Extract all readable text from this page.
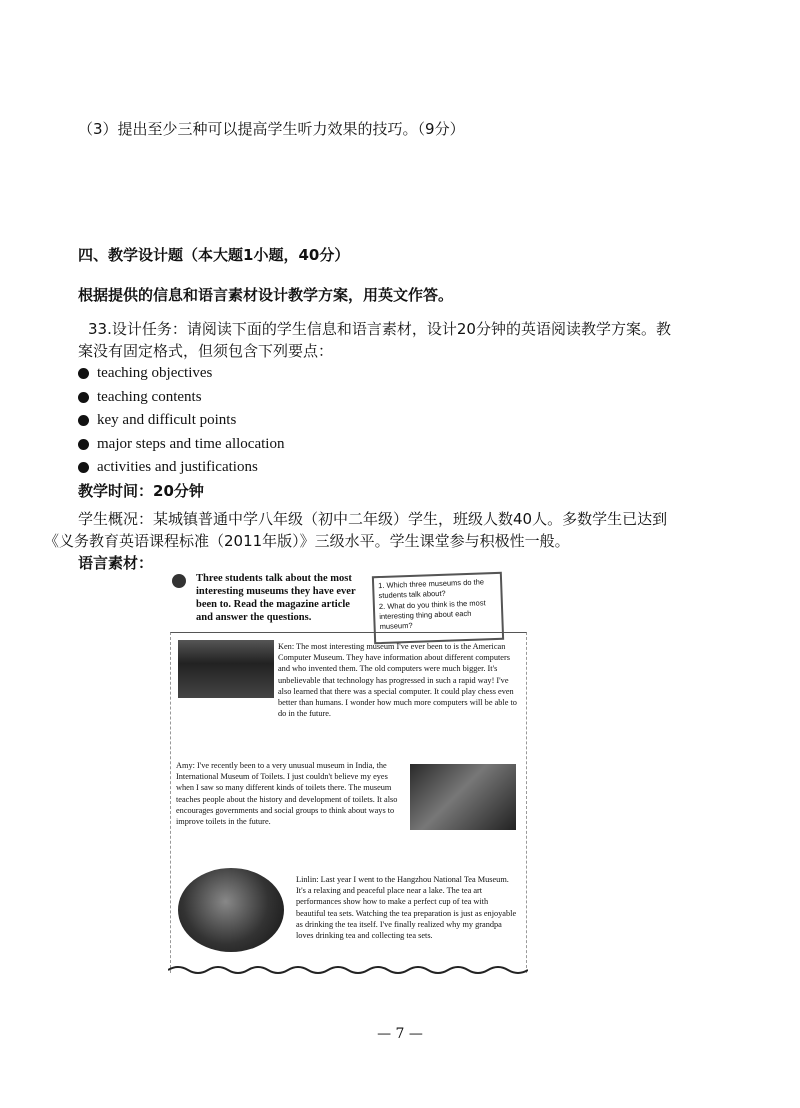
（3）提出至少三种可以提高学生听力效果的技巧。（9分）
四、教学设计题（本大题1小题，40分）
根据提供的信息和语言素材设计教学方案，用英文作答。
33.设计任务：请阅读下面的学生信息和语言素材，设计20分钟的英语阅读教学方案。教
案没有固定格式，但须包含下列要点：
teaching objectives
teaching contents
key and difficult points
major steps and time allocation
activities and justifications
教学时间：20分钟
学生概况：某城镇普通中学八年级（初中二年级）学生，班级人数40人。多数学生已达到
《义务教育英语课程标准（2011年版）》三级水平。学生课堂参与积极性一般。
语言素材：
Three students talk about the most interesting museums they have ever been to. Read the magazine article and answer the questions.
1. Which three museums do the students talk about?
2. What do you think is the most interesting thing about each museum?
Ken: The most interesting museum I've ever been to is the American Computer Museum. They have information about different computers and who invented them. The old computers were much bigger. It's unbelievable that technology has progressed in such a rapid way! I've also learned that there was a special computer. It could play chess even better than humans. I wonder how much more computers will be able to do in the future.
Amy: I've recently been to a very unusual museum in India, the International Museum of Toilets. I just couldn't believe my eyes when I saw so many different kinds of toilets there. The museum teaches people about the history and development of toilets. It also encourages governments and social groups to think about ways to improve toilets in the future.
Linlin: Last year I went to the Hangzhou National Tea Museum. It's a relaxing and peaceful place near a lake. The tea art performances show how to make a perfect cup of tea with beautiful tea sets. Watching the tea preparation is just as enjoyable as drinking the tea itself. I've finally realized why my grandpa loves drinking tea and collecting tea sets.
— 7 —
